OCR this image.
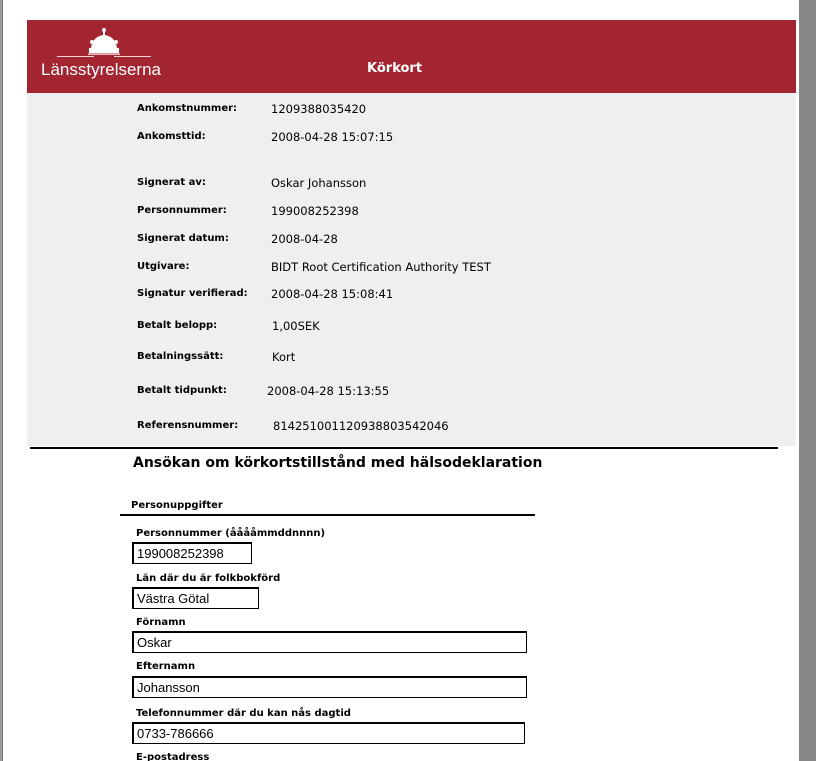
Länsstyrelserna	Körkort
Ankomstnummer:	1209388035420
Ankomsttid:	2008-04-28 15:07:15
Signerat av:	Oskar Johansson
Personnummer:	199008252398
Signerat datum:	2008-04-28
Utgivare:	BIDT Root Certification Authority TEST
Signatur verifierad:	2008-04-28 15:08:41
Betalt belopp:	1,00SEK
Betalningssätt:	Kort
Betalt tidpunkt:	2008-04-28 15:13:55
Referensnummer:	81425100112093880354204​6
Ansökan om körkortstillstånd med hälsodeklaration
Personuppgifter
Personnummer (ååååmmddnnnn)
199008252398
Län där du är folkbokförd
Västra Götal
Förnamn
Oskar
Efternamn
Johansson
Telefonnummer där du kan nås dagtid
0733-786666
E-postadress
